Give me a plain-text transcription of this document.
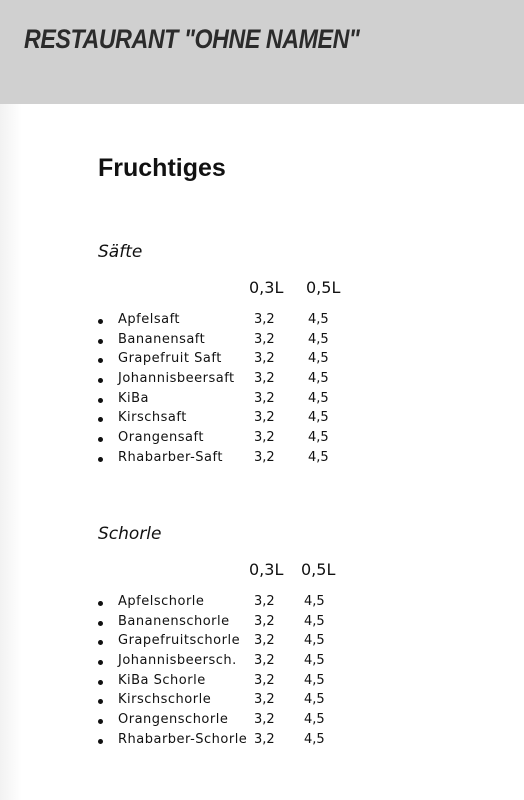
RESTAURANT "OHNE NAMEN"
Fruchtiges
Säfte
0,3L 0,5L
Apfelsaft	3,2	4,5
Bananensaft	3,2	4,5
Grapefruit Saft 3,2	4,5
Johannisbeersaft 3,2	4,5
KiBa	3,2	4,5
Kirschsaft	3,2	4,5
Orangensaft	3,2	4,5
Rhabarber-Saft 3,2	4,5
Schorle
0,3L 0,5L
Apfelschorle	3,2 4,5
Bananenschorle 3,2 4,5
Grapefruitschorle 3,2 4,5
Johannisbeersch. 3,2 4,5
KiBa Schorle	3,2 4,5
Kirschschorle	3,2 4,5
Orangenschorle 3,2 4,5
Rhabarber-Schorle 3,2 4,5
